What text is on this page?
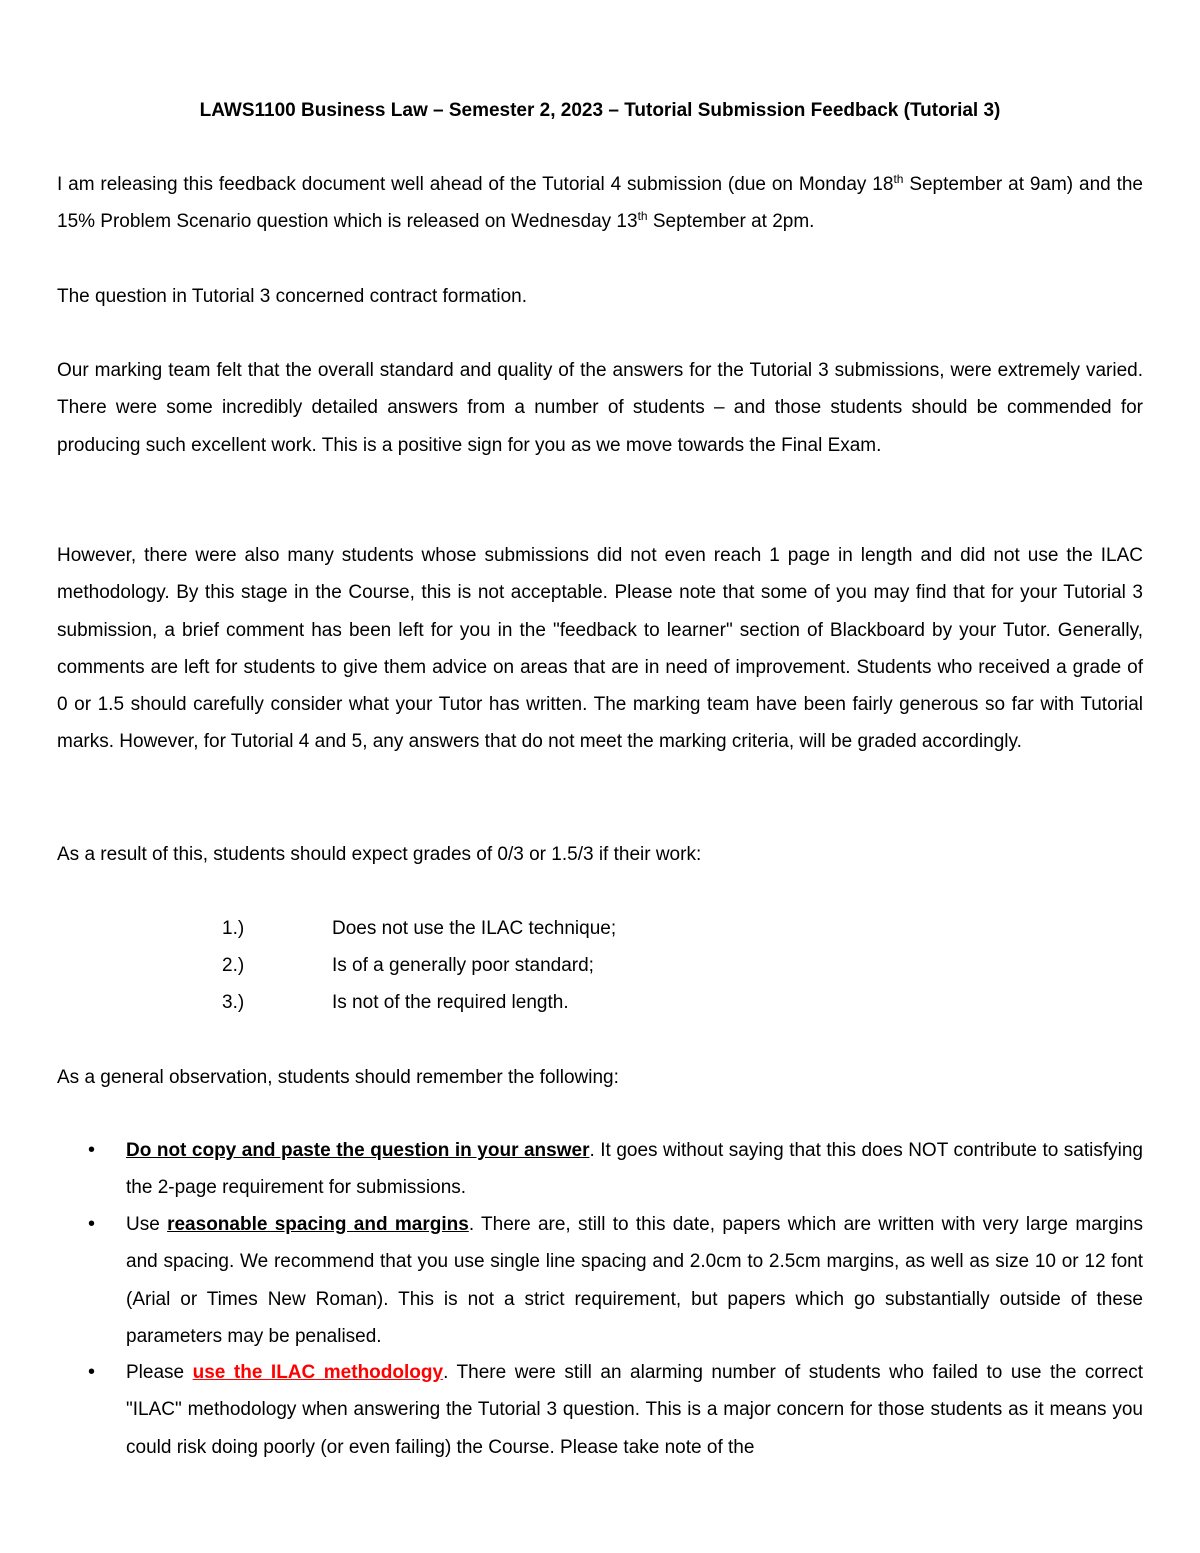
LAWS1100 Business Law – Semester 2, 2023 – Tutorial Submission Feedback (Tutorial 3)

I am releasing this feedback document well ahead of the Tutorial 4 submission (due on Monday 18th September at 9am) and the 15% Problem Scenario question which is released on Wednesday 13th September at 2pm.

The question in Tutorial 3 concerned contract formation.

Our marking team felt that the overall standard and quality of the answers for the Tutorial 3 submissions, were extremely varied. There were some incredibly detailed answers from a number of students – and those students should be commended for producing such excellent work. This is a positive sign for you as we move towards the Final Exam.

However, there were also many students whose submissions did not even reach 1 page in length and did not use the ILAC methodology. By this stage in the Course, this is not acceptable. Please note that some of you may find that for your Tutorial 3 submission, a brief comment has been left for you in the "feedback to learner" section of Blackboard by your Tutor. Generally, comments are left for students to give them advice on areas that are in need of improvement. Students who received a grade of 0 or 1.5 should carefully consider what your Tutor has written. The marking team have been fairly generous so far with Tutorial marks. However, for Tutorial 4 and 5, any answers that do not meet the marking criteria, will be graded accordingly.

As a result of this, students should expect grades of 0/3 or 1.5/3 if their work:

1.)	Does not use the ILAC technique;
2.)	Is of a generally poor standard;
3.)	Is not of the required length.

As a general observation, students should remember the following:

• Do not copy and paste the question in your answer. It goes without saying that this does NOT contribute to satisfying the 2-page requirement for submissions.

• Use reasonable spacing and margins. There are, still to this date, papers which are written with very large margins and spacing. We recommend that you use single line spacing and 2.0cm to 2.5cm margins, as well as size 10 or 12 font (Arial or Times New Roman). This is not a strict requirement, but papers which go substantially outside of these parameters may be penalised.

• Please use the ILAC methodology. There were still an alarming number of students who failed to use the correct "ILAC" methodology when answering the Tutorial 3 question. This is a major concern for those students as it means you could risk doing poorly (or even failing) the Course. Please take note of the
